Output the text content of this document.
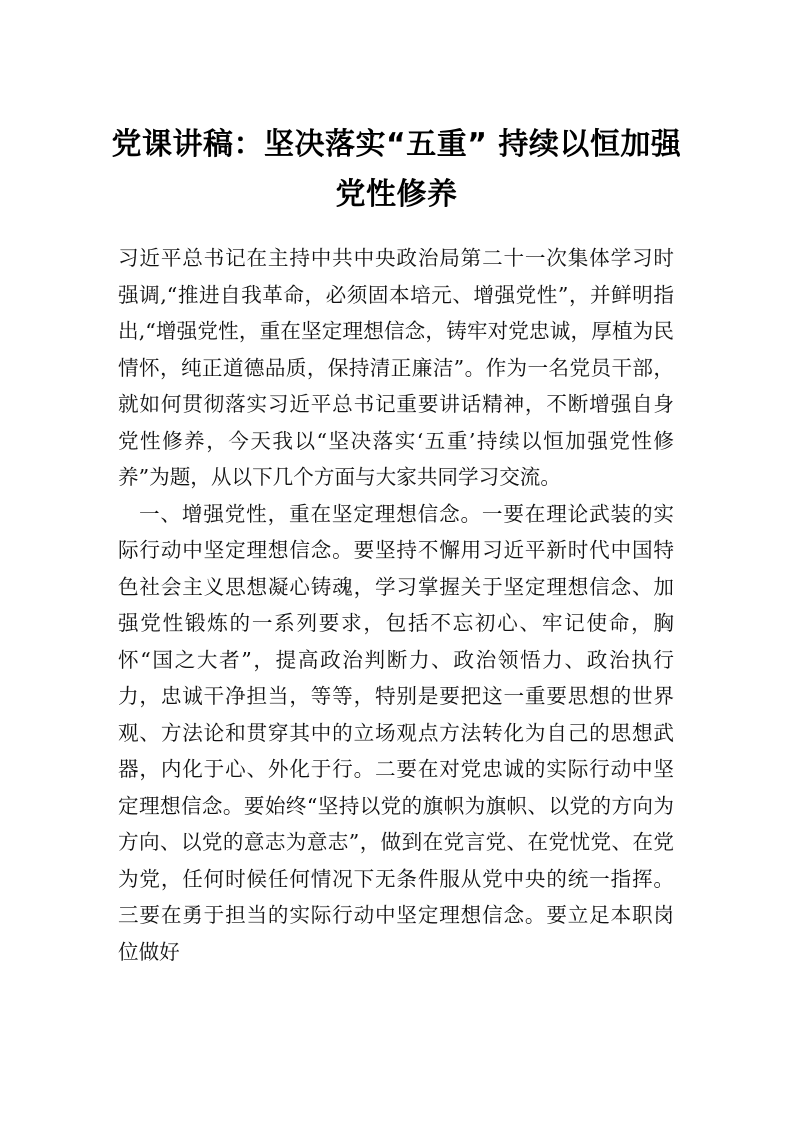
党课讲稿：坚决落实“五重” 持续以恒加强党性修养

习近平总书记在主持中共中央政治局第二十一次集体学习时强调,“推进自我革命，必须固本培元、增强党性”，并鲜明指出,“增强党性，重在坚定理想信念，铸牢对党忠诚，厚植为民情怀，纯正道德品质，保持清正廉洁”。作为一名党员干部，就如何贯彻落实习近平总书记重要讲话精神，不断增强自身党性修养，今天我以“坚决落实‘五重’持续以恒加强党性修养”为题，从以下几个方面与大家共同学习交流。

一、增强党性，重在坚定理想信念。一要在理论武装的实际行动中坚定理想信念。要坚持不懈用习近平新时代中国特色社会主义思想凝心铸魂，学习掌握关于坚定理想信念、加强党性锻炼的一系列要求，包括不忘初心、牢记使命，胸怀“国之大者”，提高政治判断力、政治领悟力、政治执行力，忠诚干净担当，等等，特别是要把这一重要思想的世界观、方法论和贯穿其中的立场观点方法转化为自己的思想武器，内化于心、外化于行。二要在对党忠诚的实际行动中坚定理想信念。要始终“坚持以党的旗帜为旗帜、以党的方向为方向、以党的意志为意志”，做到在党言党、在党忧党、在党为党，任何时候任何情况下无条件服从党中央的统一指挥。三要在勇于担当的实际行动中坚定理想信念。要立足本职岗位做好
